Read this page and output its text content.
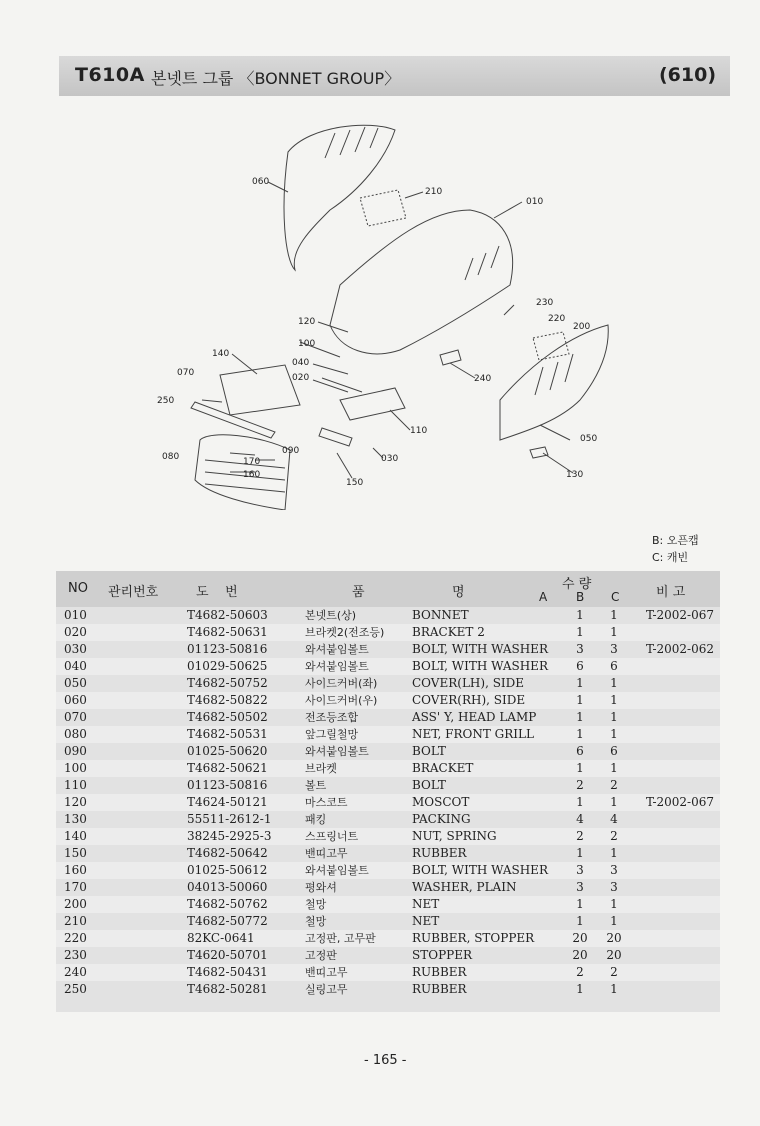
T610A 본넷트 그룹 〈BONNET GROUP〉	(610)
060
210
010
120
230
220
200
100
140
070
040
020	240
250
110
050
090
170
080
160
030
150
130
B: 오픈캡
C: 캐빈
NO 관리번호	도    번	품	명
수 량
A B C	비 고
010	T4682-50603	본넷트(상)	BONNET	1	1	T-2002-067
020	T4682-50631	브라켓2(전조등) BRACKET 2	1	1
030	01123-50816	와셔붙임볼트	BOLT, WITH WASHER	3	3	T-2002-062
040	01029-50625	와셔붙임볼트	BOLT, WITH WASHER	6	6
050	T4682-50752	사이드커버(좌)	COVER(LH), SIDE	1	1
060	T4682-50822	사이드커버(우)	COVER(RH), SIDE	1	1
070	T4682-50502	전조등조합	ASS' Y, HEAD LAMP	1	1
080	T4682-50531	앞그릴철망	NET, FRONT GRILL	1	1
090	01025-50620	와셔붙임볼트	BOLT	6	6
100	T4682-50621	브라켓	BRACKET	1	1
110	01123-50816	볼트	BOLT	2	2
120	T4624-50121	마스코트	MOSCOT	1	1	T-2002-067
130	55511-2612-1	패킹	PACKING	4	4
140	38245-2925-3	스프링너트	NUT, SPRING	2	2
150	T4682-50642	밴띠고무	RUBBER	1	1
160	01025-50612	와셔붙임볼트	BOLT, WITH WASHER	3	3
170	04013-50060	평와셔	WASHER, PLAIN	3	3
200	T4682-50762	철망	NET	1	1
210	T4682-50772	철망	NET	1	1
220	82KC-0641	고정판, 고무판	RUBBER, STOPPER	20 20
230	T4620-50701	고정판	STOPPER	20 20
240	T4682-50431	밴띠고무	RUBBER	2	2
250	T4682-50281	실링고무	RUBBER	1	1
- 165 -
